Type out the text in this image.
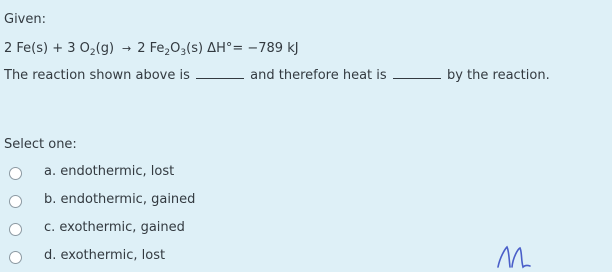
Given:
2 Fe(s) + 3 $O_2(g) \to 2$ $Fe_2O_3(s)$ ΔH°= −789 kJ
The reaction shown above is	and therefore heat is	by the reaction.
Select one:
a. endothermic, lost
b. endothermic, gained
c. exothermic, gained
d. exothermic, lost
